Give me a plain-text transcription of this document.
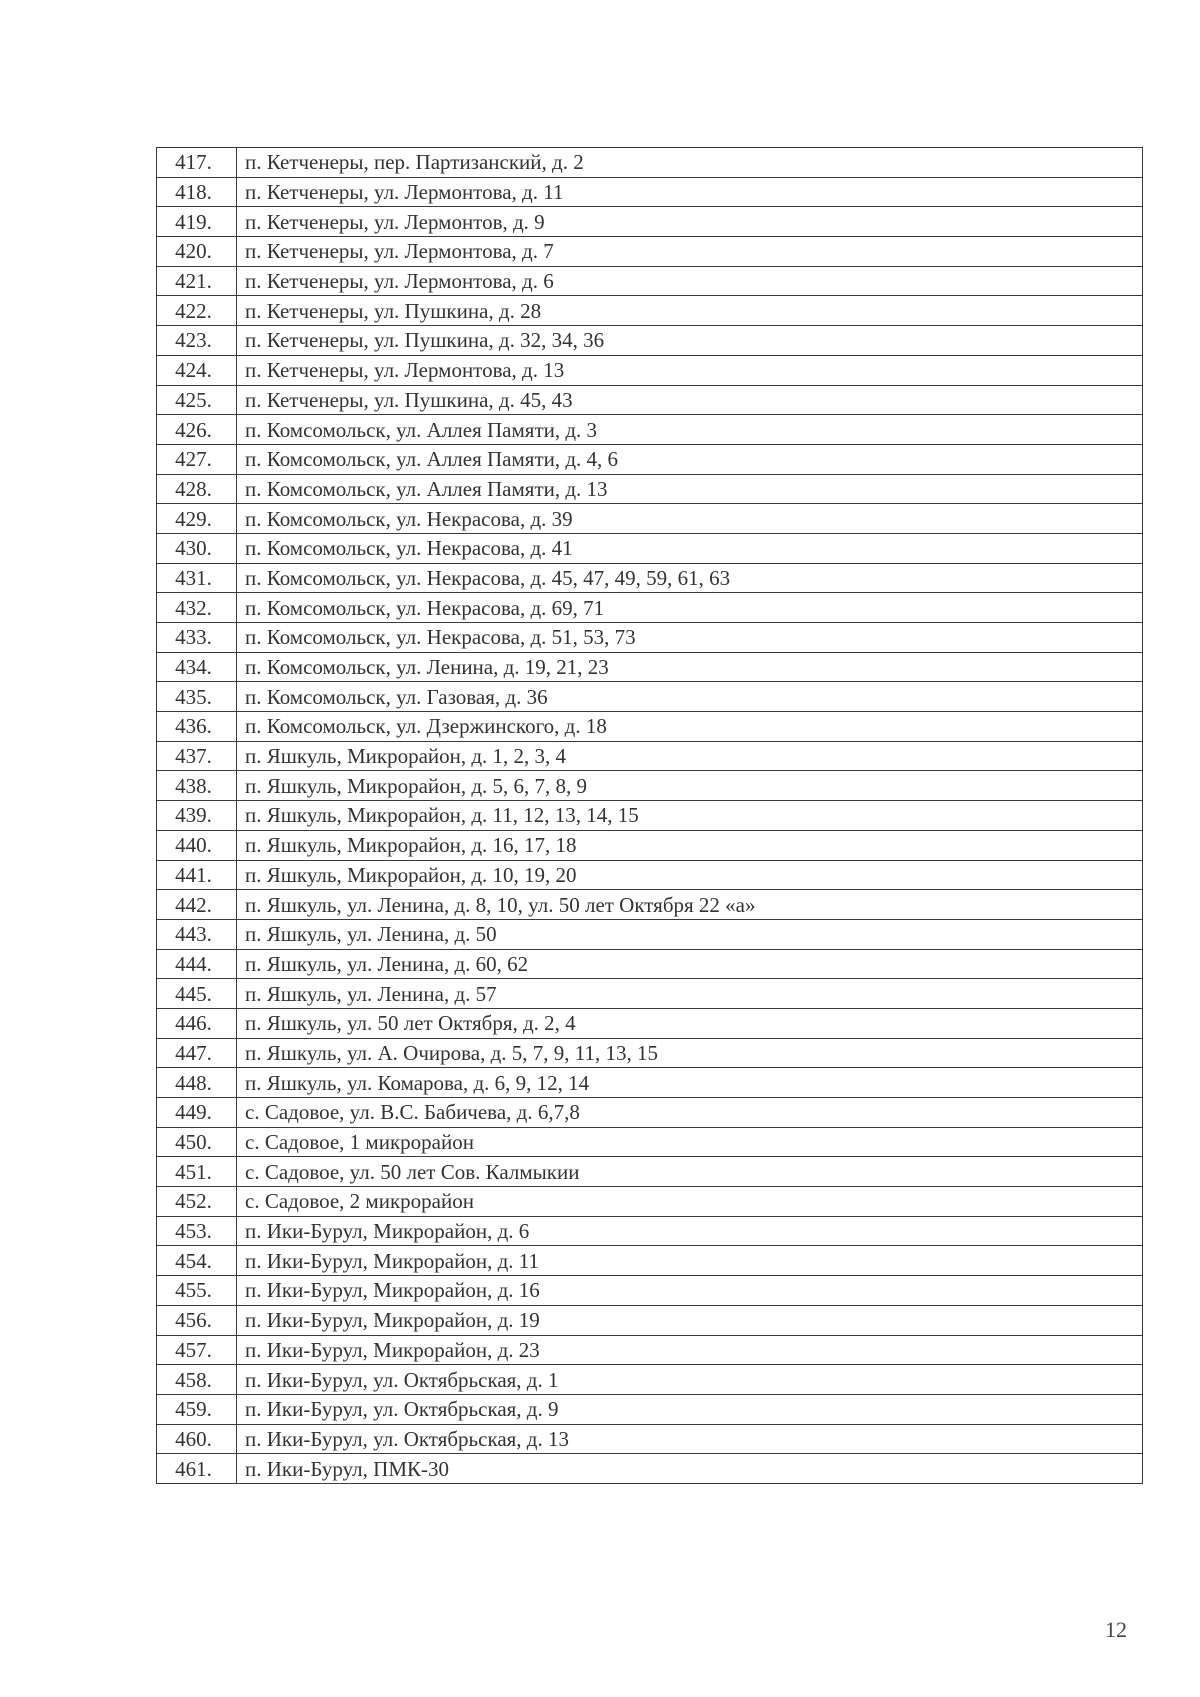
417.	п. Кетченеры, пер. Партизанский, д. 2
418.	п. Кетченеры, ул. Лермонтова, д. 11
419.	п. Кетченеры, ул. Лермонтов, д. 9
420.	п. Кетченеры, ул. Лермонтова, д. 7
421.	п. Кетченеры, ул. Лермонтова, д. 6
422.	п. Кетченеры, ул. Пушкина, д. 28
423.	п. Кетченеры, ул. Пушкина, д. 32, 34, 36
424.	п. Кетченеры, ул. Лермонтова, д. 13
425.	п. Кетченеры, ул. Пушкина, д. 45, 43
426.	п. Комсомольск, ул. Аллея Памяти, д. 3
427.	п. Комсомольск, ул. Аллея Памяти, д. 4, 6
428.	п. Комсомольск, ул. Аллея Памяти, д. 13
429.	п. Комсомольск, ул. Некрасова, д. 39
430.	п. Комсомольск, ул. Некрасова, д. 41
431.	п. Комсомольск, ул. Некрасова, д. 45, 47, 49, 59, 61, 63
432.	п. Комсомольск, ул. Некрасова, д. 69, 71
433.	п. Комсомольск, ул. Некрасова, д. 51, 53, 73
434.	п. Комсомольск, ул. Ленина, д. 19, 21, 23
435.	п. Комсомольск, ул. Газовая, д. 36
436.	п. Комсомольск, ул. Дзержинского, д. 18
437.	п. Яшкуль, Микрорайон, д. 1, 2, 3, 4
438.	п. Яшкуль, Микрорайон, д. 5, 6, 7, 8, 9
439.	п. Яшкуль, Микрорайон, д. 11, 12, 13, 14, 15
440.	п. Яшкуль, Микрорайон, д. 16, 17, 18
441.	п. Яшкуль, Микрорайон, д. 10, 19, 20
442.	п. Яшкуль, ул. Ленина, д. 8, 10, ул. 50 лет Октября 22 «а»
443.	п. Яшкуль, ул. Ленина, д. 50
444.	п. Яшкуль, ул. Ленина, д. 60, 62
445.	п. Яшкуль, ул. Ленина, д. 57
446.	п. Яшкуль, ул. 50 лет Октября, д. 2, 4
447.	п. Яшкуль, ул. А. Очирова, д. 5, 7, 9, 11, 13, 15
448.	п. Яшкуль, ул. Комарова, д. 6, 9, 12, 14
449.	с. Садовое, ул. В.С. Бабичева, д. 6,7,8
450.	с. Садовое, 1 микрорайон
451.	с. Садовое, ул. 50 лет Сов. Калмыкии
452.	с. Садовое, 2 микрорайон
453.	п. Ики-Бурул, Микрорайон, д. 6
454.	п. Ики-Бурул, Микрорайон, д. 11
455.	п. Ики-Бурул, Микрорайон, д. 16
456.	п. Ики-Бурул, Микрорайон, д. 19
457.	п. Ики-Бурул, Микрорайон, д. 23
458.	п. Ики-Бурул, ул. Октябрьская, д. 1
459.	п. Ики-Бурул, ул. Октябрьская, д. 9
460.	п. Ики-Бурул, ул. Октябрьская, д. 13
461.	п. Ики-Бурул, ПМК-30
12
